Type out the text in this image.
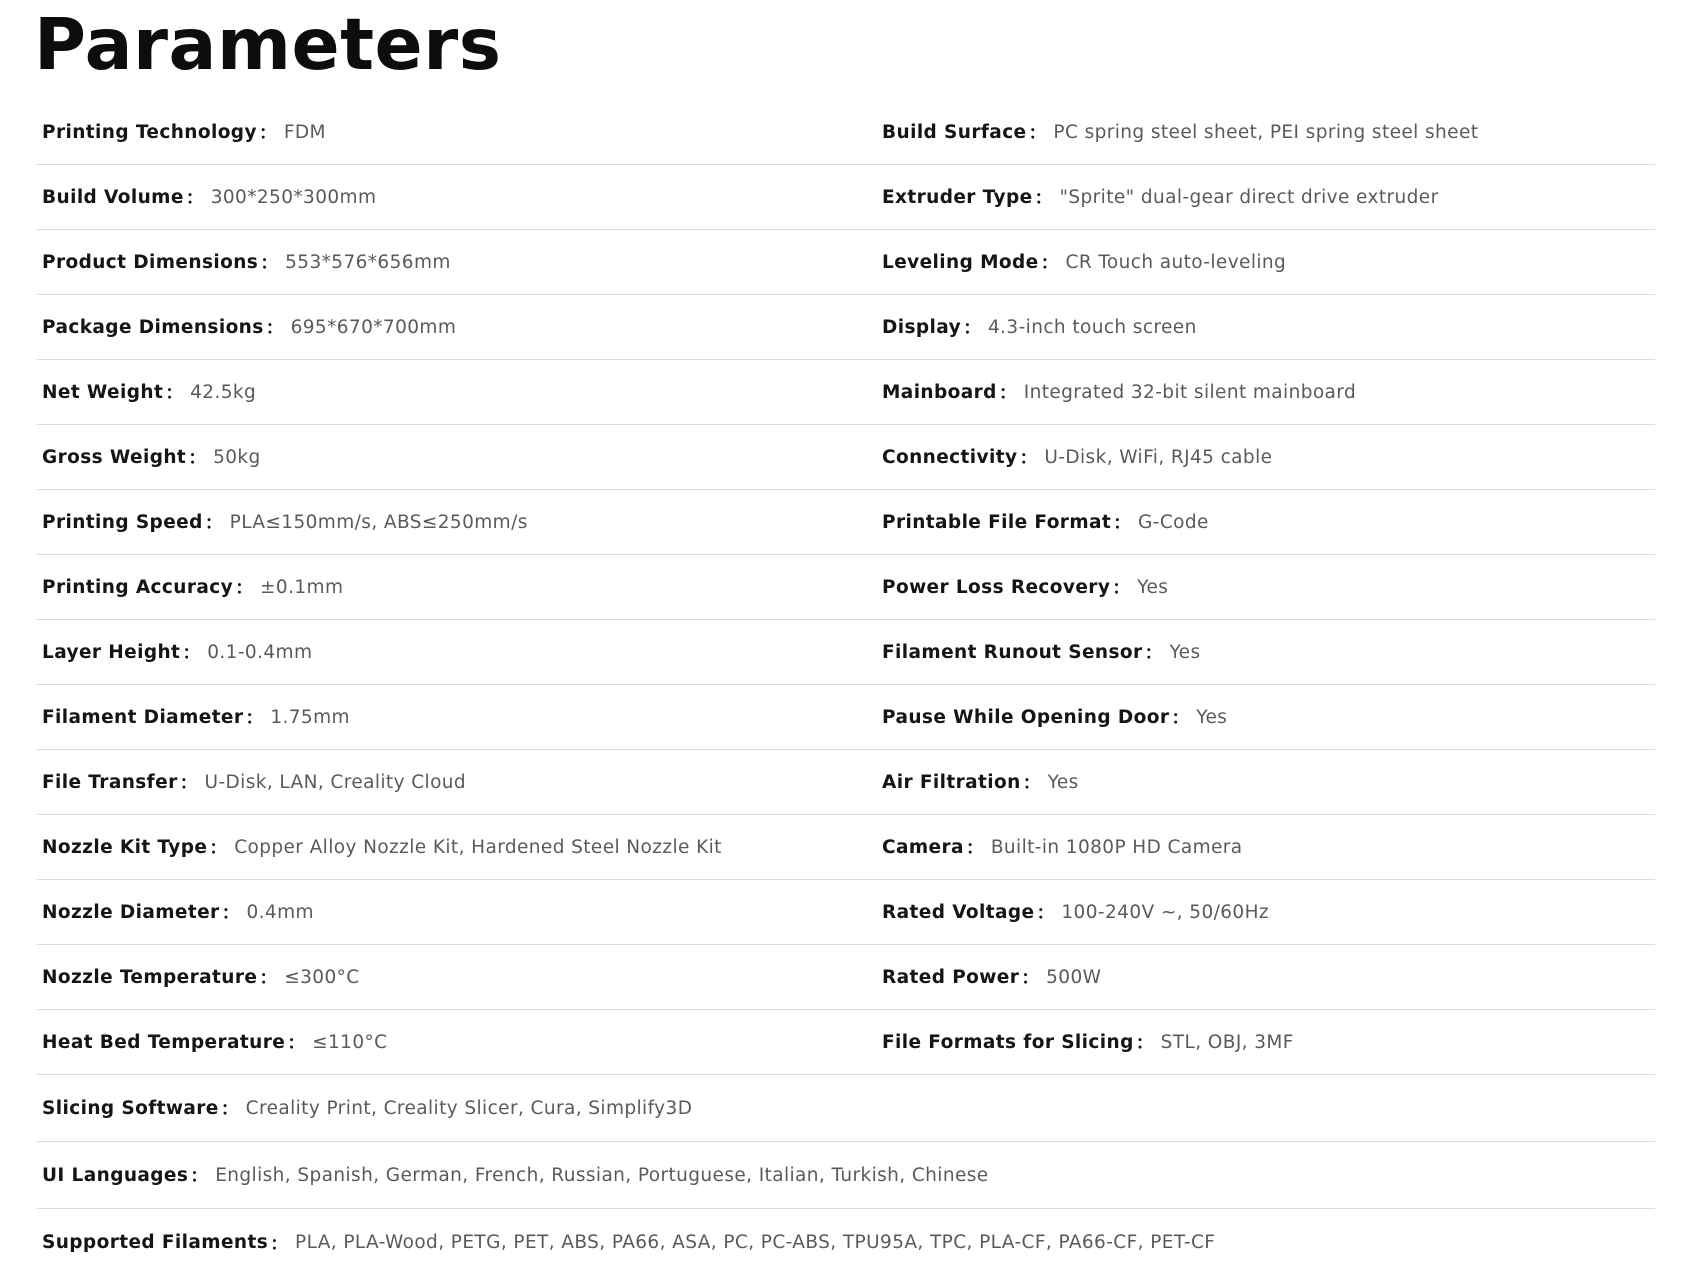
Parameters
Printing Technology ： FDM	Build Surface ： PC spring steel sheet, PEI spring steel sheet
Build Volume ： 300*250*300mm	Extruder Type ： "Sprite" dual-gear direct drive extruder
Product Dimensions ： 553*576*656mm	Leveling Mode ： CR Touch auto-leveling
Package Dimensions ： 695*670*700mm	Display ： 4.3-inch touch screen
Net Weight ： 42.5kg	Mainboard ： Integrated 32-bit silent mainboard
Gross Weight ： 50kg	Connectivity ： U-Disk, WiFi, RJ45 cable
Printing Speed ： PLA≤150mm/s, ABS≤250mm/s	Printable File Format ： G-Code
Printing Accuracy ： ±0.1mm	Power Loss Recovery ： Yes
Layer Height ： 0.1-0.4mm	Filament Runout Sensor ： Yes
Filament Diameter ： 1.75mm	Pause While Opening Door ： Yes
File Transfer ： U-Disk, LAN, Creality Cloud	Air Filtration ： Yes
Nozzle Kit Type ： Copper Alloy Nozzle Kit, Hardened Steel Nozzle Kit	Camera ： Built-in 1080P HD Camera
Nozzle Diameter ： 0.4mm	Rated Voltage ： 100-240V ~, 50/60Hz
Nozzle Temperature ： ≤300°C	Rated Power ： 500W
Heat Bed Temperature ： ≤110°C	File Formats for Slicing ： STL, OBJ, 3MF
Slicing Software ： Creality Print, Creality Slicer, Cura, Simplify3D
UI Languages ： English, Spanish, German, French, Russian, Portuguese, Italian, Turkish, Chinese
Supported Filaments ： PLA, PLA-Wood, PETG, PET, ABS, PA66, ASA, PC, PC-ABS, TPU95A, TPC, PLA-CF, PA66-CF, PET-CF
